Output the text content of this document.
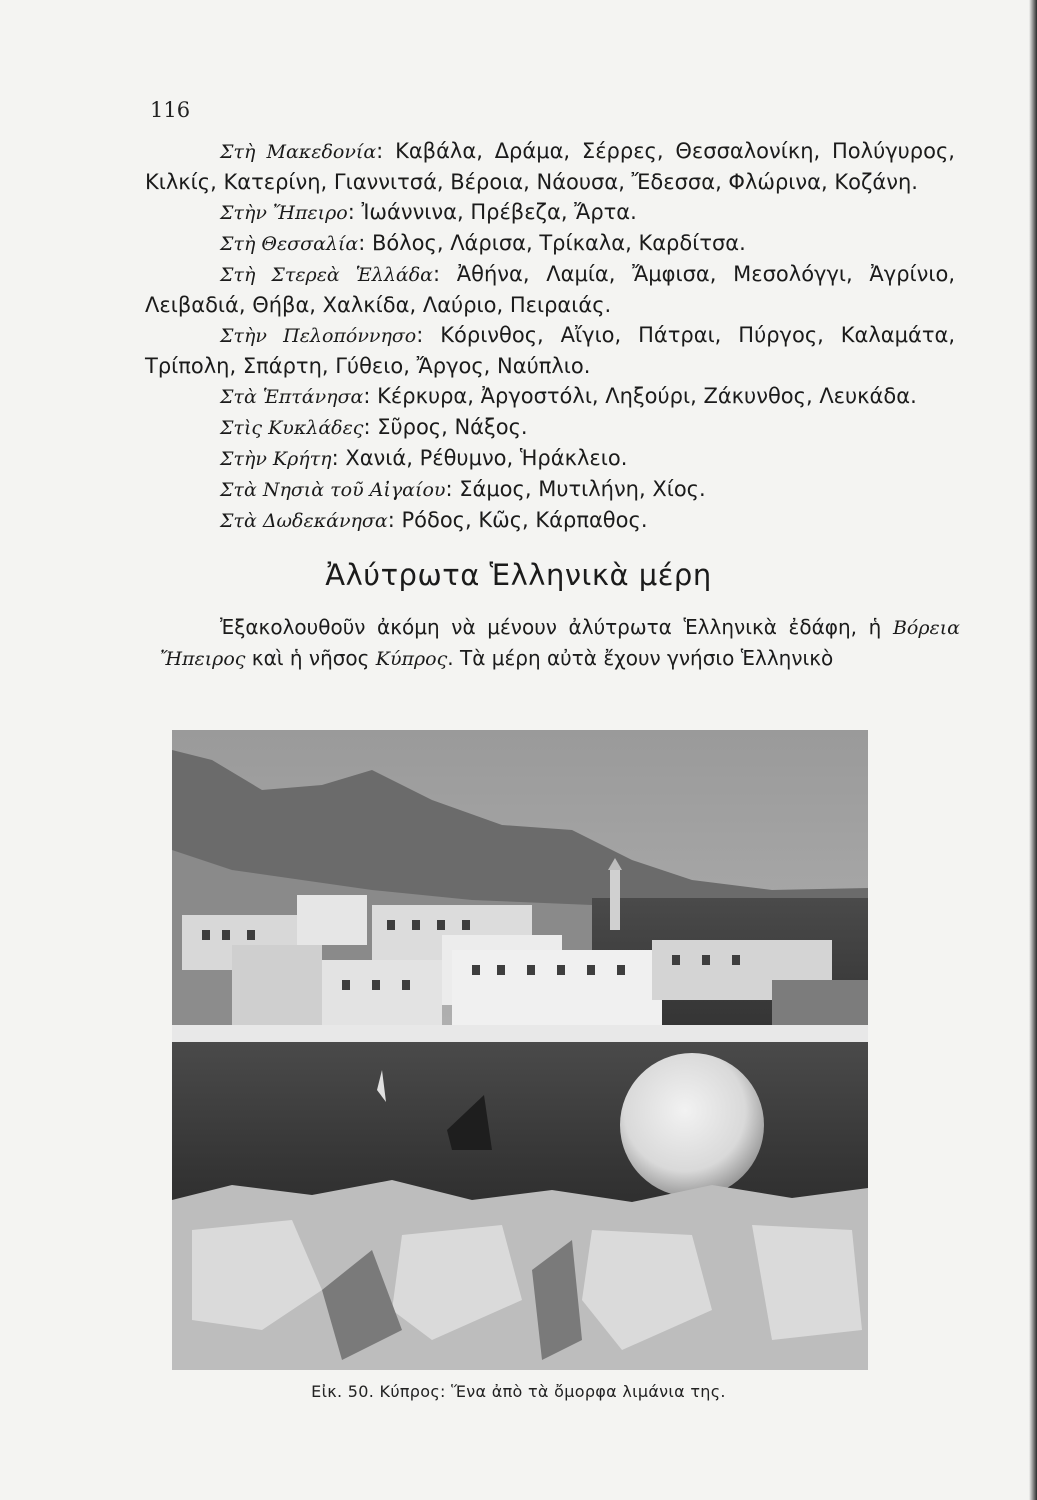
116

Στὴ Μακεδονία: Καβάλα, Δράμα, Σέρρες, Θεσσαλονίκη, Πολύγυρος, Κιλκίς, Κατερίνη, Γιαννιτσά, Βέροια, Νάουσα, Ἔδεσσα, Φλώρινα, Κοζάνη.

Στὴν Ἤπειρο: Ἰωάννινα, Πρέβεζα, Ἄρτα.

Στὴ Θεσσαλία: Βόλος, Λάρισα, Τρίκαλα, Καρδίτσα.

Στὴ Στερεὰ Ἑλλάδα: Ἀθήνα, Λαμία, Ἄμφισα, Μεσολόγγι, Ἀγρίνιο, Λειβαδιά, Θήβα, Χαλκίδα, Λαύριο, Πειραιάς.

Στὴν Πελοπόννησο: Κόρινθος, Αἴγιο, Πάτραι, Πύργος, Καλαμάτα, Τρίπολη, Σπάρτη, Γύθειο, Ἄργος, Ναύπλιο.

Στὰ Ἑπτάνησα: Κέρκυρα, Ἀργοστόλι, Ληξούρι, Ζάκυνθος, Λευκάδα.

Στὶς Κυκλάδες: Σῦρος, Νάξος.

Στὴν Κρήτη: Χανιά, Ρέθυμνο, Ἡράκλειο.

Στὰ Νησιὰ τοῦ Αἰγαίου: Σάμος, Μυτιλήνη, Χίος.

Στὰ Δωδεκάνησα: Ρόδος, Κῶς, Κάρπαθος.

Ἀλύτρωτα Ἑλληνικὰ μέρη

Ἐξακολουθοῦν ἀκόμη νὰ μένουν ἀλύτρωτα Ἑλληνικὰ ἐδάφη, ἡ Βόρεια Ἤπειρος καὶ ἡ νῆσος Κύπρος. Τὰ μέρη αὐτὰ ἔχουν γνήσιο Ἑλληνικὸ

Εἰκ. 50. Κύπρος: Ἕνα ἀπὸ τὰ ὄμορφα λιμάνια της.
